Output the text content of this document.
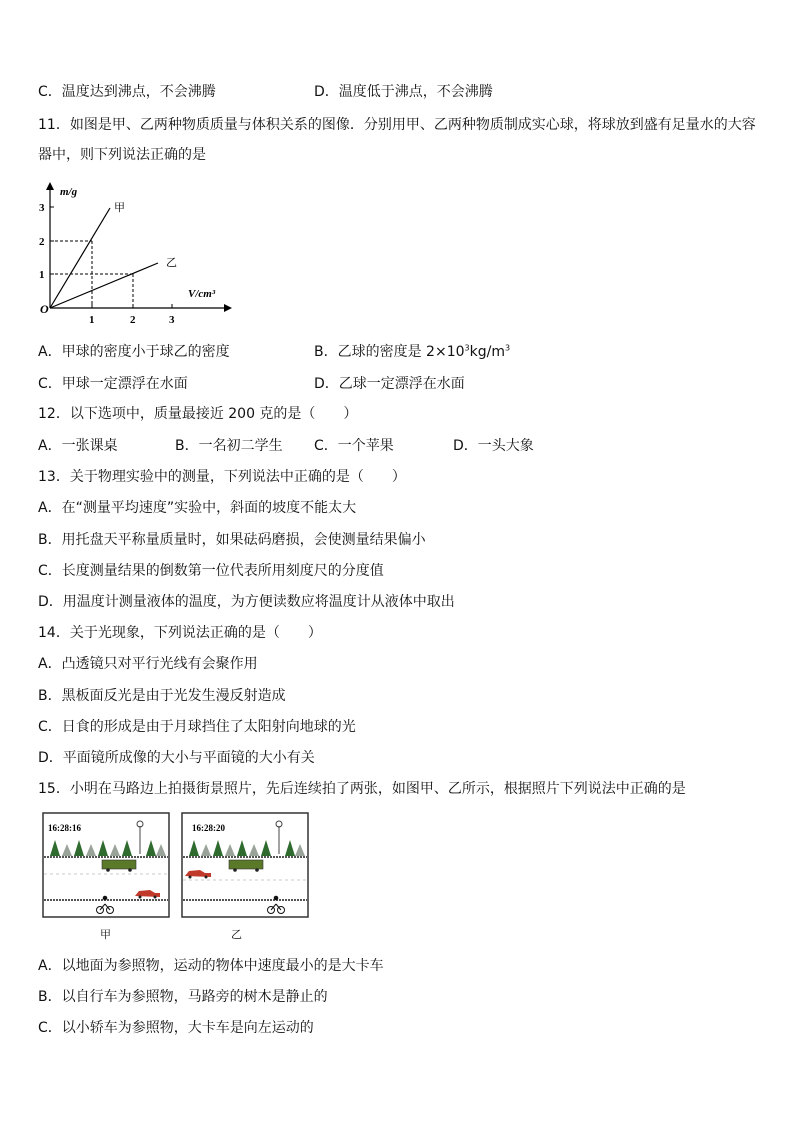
C．温度达到沸点，不会沸腾	D．温度低于沸点，不会沸腾
11．如图是甲、乙两种物质质量与体积关系的图像．分别用甲、乙两种物质制成实心球，将球放到盛有足量水的大容
器中，则下列说法正确的是
m/g
V/cm³
O
1
2
3
1	2	3
甲
乙
A．甲球的密度小于球乙的密度	B．乙球的密度是 $2\times 10^3kg/m^3$
C．甲球一定漂浮在水面	D．乙球一定漂浮在水面
12．以下选项中，质量最接近 200 克的是（　　）
A．一张课桌	B．一名初二学生 C．一个苹果	D．一头大象
13．关于物理实验中的测量，下列说法中正确的是（　　）
A．在“测量平均速度”实验中，斜面的坡度不能太大
B．用托盘天平称量质量时，如果砝码磨损，会使测量结果偏小
C．长度测量结果的倒数第一位代表所用刻度尺的分度值
D．用温度计测量液体的温度，为方便读数应将温度计从液体中取出
14．关于光现象，下列说法正确的是（　　）
A．凸透镜只对平行光线有会聚作用
B．黑板面反光是由于光发生漫反射造成
C．日食的形成是由于月球挡住了太阳射向地球的光
D．平面镜所成像的大小与平面镜的大小有关
15．小明在马路边上拍摄街景照片，先后连续拍了两张，如图甲、乙所示，根据照片下列说法中正确的是
16:28:16
甲
16:28:20
乙
A．以地面为参照物，运动的物体中速度最小的是大卡车
B．以自行车为参照物，马路旁的树木是静止的
C．以小轿车为参照物，大卡车是向左运动的
